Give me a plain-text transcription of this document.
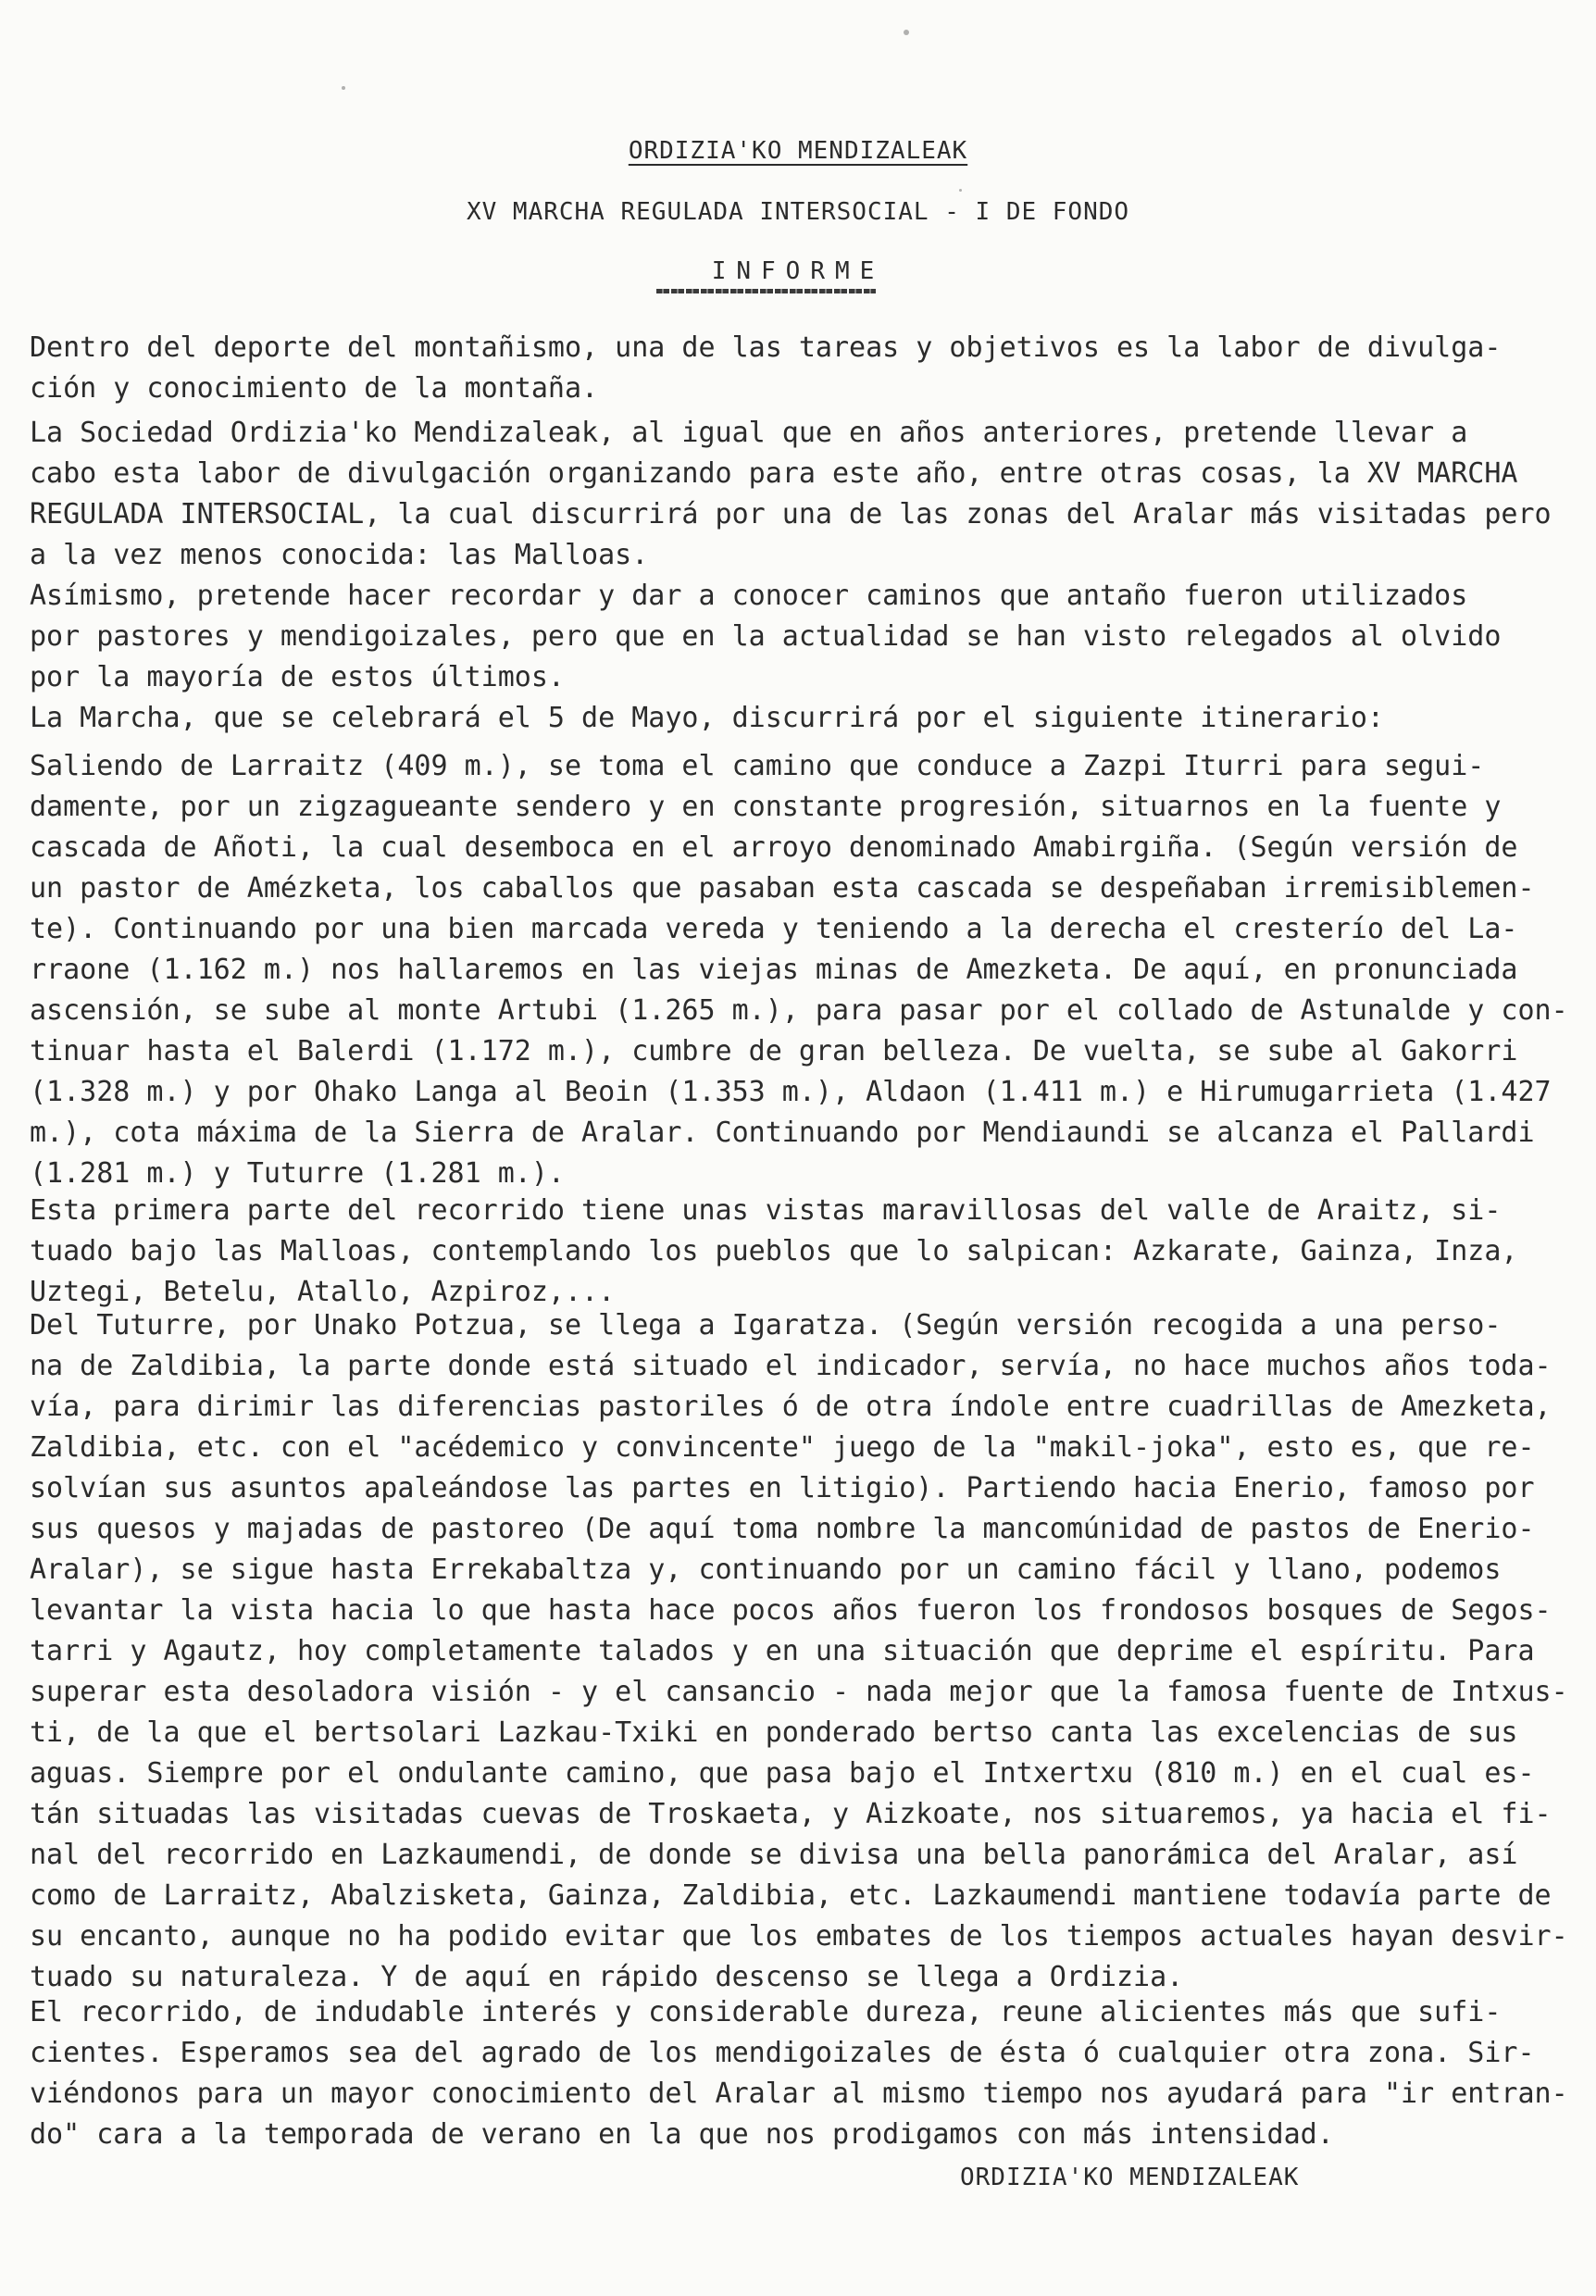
ORDIZIA'KO MENDIZALEAK
XV MARCHA REGULADA INTERSOCIAL - I DE FONDO
INFORME
Dentro del deporte del montañismo, una de las tareas y objetivos es la labor de divulga-
ción y conocimiento de la montaña.
La Sociedad Ordizia'ko Mendizaleak, al igual que en años anteriores, pretende llevar a
cabo esta labor de divulgación organizando para este año, entre otras cosas, la XV MARCHA
REGULADA INTERSOCIAL, la cual discurrirá por una de las zonas del Aralar más visitadas pero
a la vez menos conocida: las Malloas.
Asímismo, pretende hacer recordar y dar a conocer caminos que antaño fueron utilizados
por pastores y mendigoizales, pero que en la actualidad se han visto relegados al olvido
por la mayoría de estos últimos.
La Marcha, que se celebrará el 5 de Mayo, discurrirá por el siguiente itinerario:
Saliendo de Larraitz (409 m.), se toma el camino que conduce a Zazpi Iturri para segui-
damente, por un zigzagueante sendero y en constante progresión, situarnos en la fuente y
cascada de Añoti, la cual desemboca en el arroyo denominado Amabirgiña. (Según versión de
un pastor de Amézketa, los caballos que pasaban esta cascada se despeñaban irremisiblemen-
te). Continuando por una bien marcada vereda y teniendo a la derecha el cresterío del La-
rraone (1.162 m.) nos hallaremos en las viejas minas de Amezketa. De aquí, en pronunciada
ascensión, se sube al monte Artubi (1.265 m.), para pasar por el collado de Astunalde y con-
tinuar hasta el Balerdi (1.172 m.), cumbre de gran belleza. De vuelta, se sube al Gakorri
(1.328 m.) y por Ohako Langa al Beoin (1.353 m.), Aldaon (1.411 m.) e Hirumugarrieta (1.427
m.), cota máxima de la Sierra de Aralar. Continuando por Mendiaundi se alcanza el Pallardi
(1.281 m.) y Tuturre (1.281 m.).
Esta primera parte del recorrido tiene unas vistas maravillosas del valle de Araitz, si-
tuado bajo las Malloas, contemplando los pueblos que lo salpican: Azkarate, Gainza, Inza,
Uztegi, Betelu, Atallo, Azpiroz,...
Del Tuturre, por Unako Potzua, se llega a Igaratza. (Según versión recogida a una perso-
na de Zaldibia, la parte donde está situado el indicador, servía, no hace muchos años toda-
vía, para dirimir las diferencias pastoriles ó de otra índole entre cuadrillas de Amezketa,
Zaldibia, etc. con el "acédemico y convincente" juego de la "makil-joka", esto es, que re-
solvían sus asuntos apaleándose las partes en litigio). Partiendo hacia Enerio, famoso por
sus quesos y majadas de pastoreo (De aquí toma nombre la mancomúnidad de pastos de Enerio-
Aralar), se sigue hasta Errekabaltza y, continuando por un camino fácil y llano, podemos
levantar la vista hacia lo que hasta hace pocos años fueron los frondosos bosques de Segos-
tarri y Agautz, hoy completamente talados y en una situación que deprime el espíritu. Para
superar esta desoladora visión - y el cansancio - nada mejor que la famosa fuente de Intxus-
ti, de la que el bertsolari Lazkau-Txiki en ponderado bertso canta las excelencias de sus
aguas. Siempre por el ondulante camino, que pasa bajo el Intxertxu (810 m.) en el cual es-
tán situadas las visitadas cuevas de Troskaeta, y Aizkoate, nos situaremos, ya hacia el fi-
nal del recorrido en Lazkaumendi, de donde se divisa una bella panorámica del Aralar, así
como de Larraitz, Abalzisketa, Gainza, Zaldibia, etc. Lazkaumendi mantiene todavía parte de
su encanto, aunque no ha podido evitar que los embates de los tiempos actuales hayan desvir-
tuado su naturaleza. Y de aquí en rápido descenso se llega a Ordizia.
El recorrido, de indudable interés y considerable dureza, reune alicientes más que sufi-
cientes. Esperamos sea del agrado de los mendigoizales de ésta ó cualquier otra zona. Sir-
viéndonos para un mayor conocimiento del Aralar al mismo tiempo nos ayudará para "ir entran-
do" cara a la temporada de verano en la que nos prodigamos con más intensidad.
ORDIZIA'KO MENDIZALEAK
